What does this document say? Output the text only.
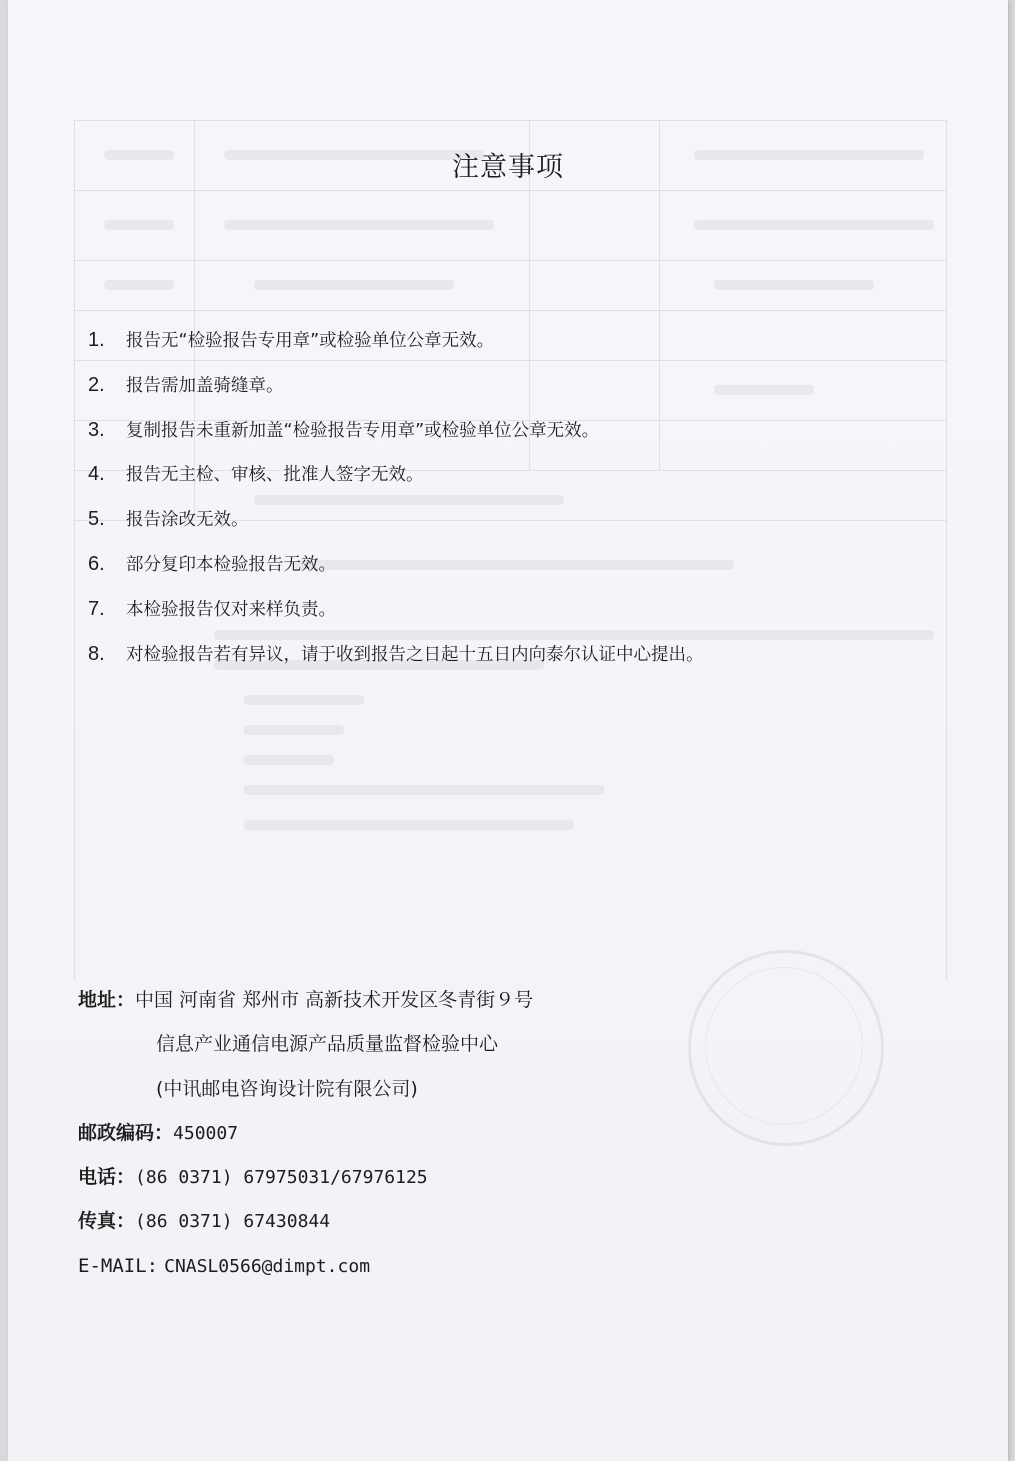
注意事项
1. 报告无“检验报告专用章”或检验单位公章无效。
2. 报告需加盖骑缝章。
3. 复制报告未重新加盖“检验报告专用章”或检验单位公章无效。
4. 报告无主检、审核、批准人签字无效。
5. 报告涂改无效。
6. 部分复印本检验报告无效。
7. 本检验报告仅对来样负责。
8. 对检验报告若有异议，请于收到报告之日起十五日内向泰尔认证中心提出。
地址：中国 河南省 郑州市 高新技术开发区冬青街９号
信息产业通信电源产品质量监督检验中心
(中讯邮电咨询设计院有限公司)
邮政编码：450007
电话：(86 0371) 67975031/67976125
传真：(86 0371) 67430844
E-MAIL: CNASL0566@dimpt.com
